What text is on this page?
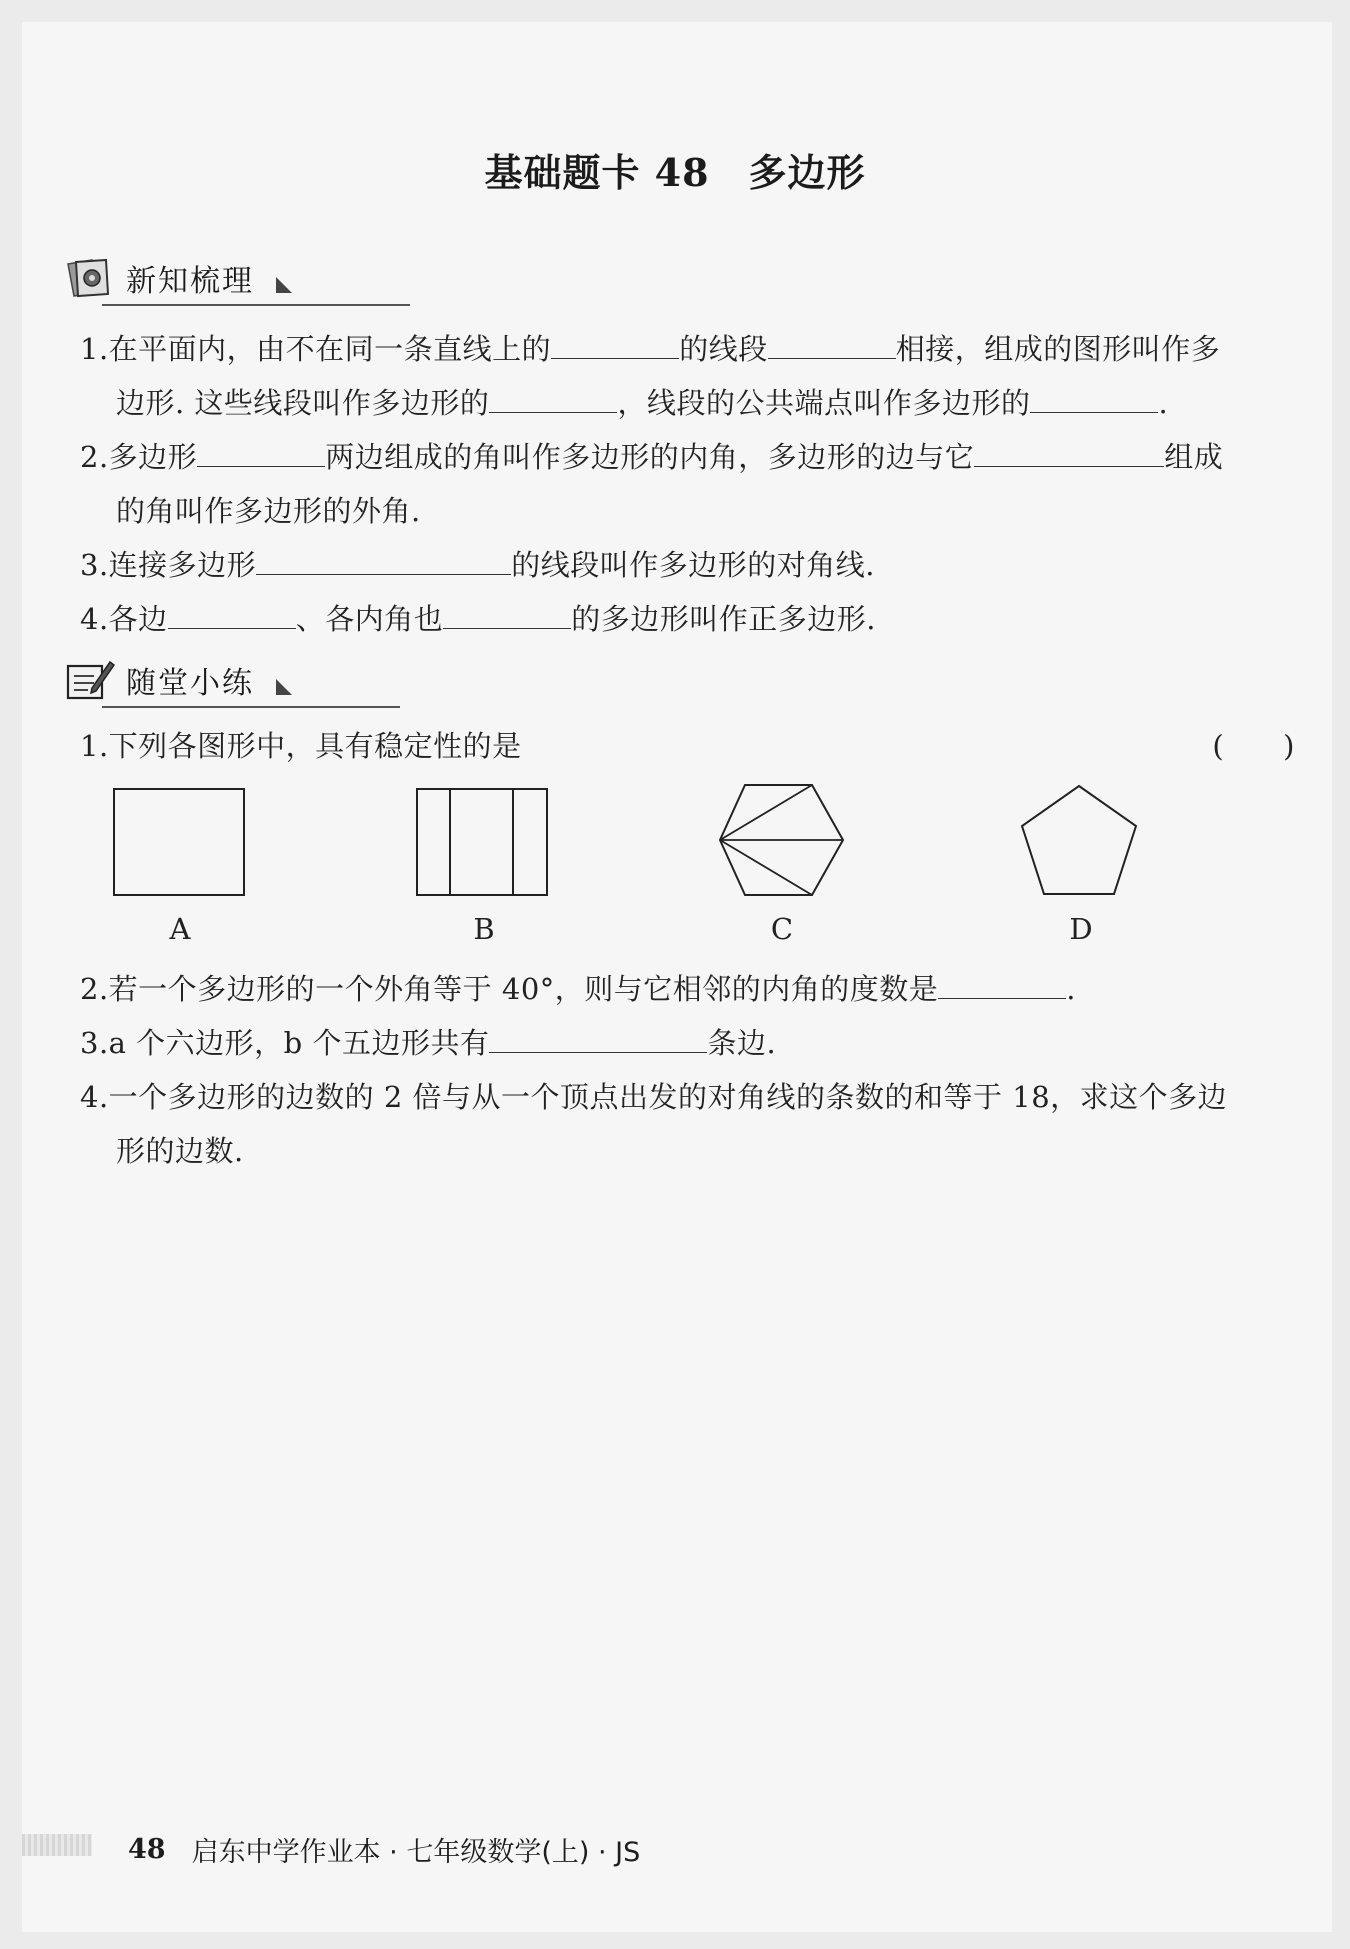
基础题卡 48　多边形
新知梳理
1.在平面内，由不在同一条直线上的	的线段	相接，组成的图形叫作多
边形. 这些线段叫作多边形的	，线段的公共端点叫作多边形的	.
2.多边形	两边组成的角叫作多边形的内角，多边形的边与它	组成
的角叫作多边形的外角.
3.连接多边形	的线段叫作多边形的对角线.
4.各边	、各内角也	的多边形叫作正多边形.
随堂小练
1.下列各图形中，具有稳定性的是	(　　)
A	B	C	D
2.若一个多边形的一个外角等于 40°，则与它相邻的内角的度数是	.
3.a 个六边形，b 个五边形共有	条边.
4.一个多边形的边数的 2 倍与从一个顶点出发的对角线的条数的和等于 18，求这个多边
形的边数.
48 启东中学作业本 · 七年级数学(上) · JS
